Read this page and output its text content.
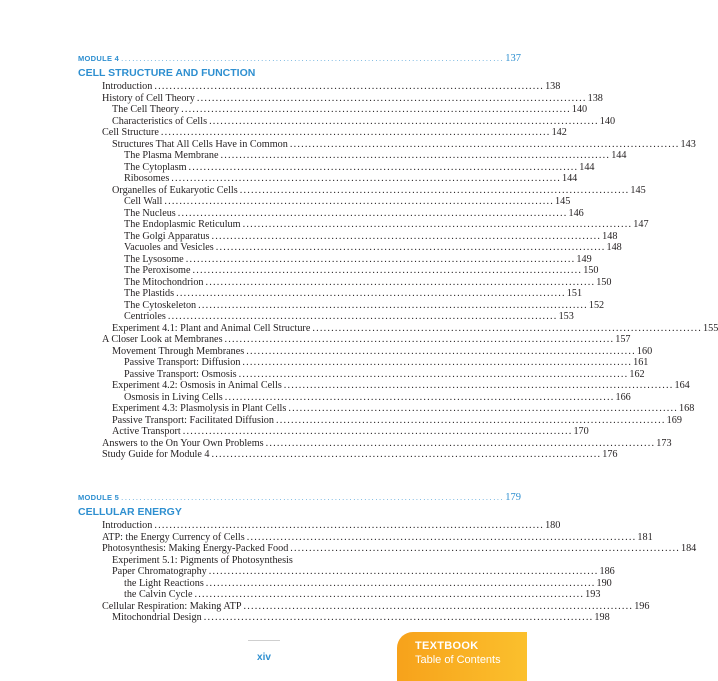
MODULE 4 ........................................................................................................ 137
CELL STRUCTURE AND FUNCTION
Introduction ........................................................................................................ 138
History of Cell Theory ........................................................................................................ 138
The Cell Theory ........................................................................................................ 140
Characteristics of Cells ........................................................................................................ 140
Cell Structure ........................................................................................................ 142
Structures That All Cells Have in Common ........................................................................................................ 143
The Plasma Membrane ........................................................................................................ 144
The Cytoplasm ........................................................................................................ 144
Ribosomes ........................................................................................................ 144
Organelles of Eukaryotic Cells ........................................................................................................ 145
Cell Wall ........................................................................................................ 145
The Nucleus ........................................................................................................ 146
The Endoplasmic Reticulum ........................................................................................................ 147
The Golgi Apparatus ........................................................................................................ 148
Vacuoles and Vesicles ........................................................................................................ 148
The Lysosome ........................................................................................................ 149
The Peroxisome ........................................................................................................ 150
The Mitochondrion ........................................................................................................ 150
The Plastids ........................................................................................................ 151
The Cytoskeleton ........................................................................................................ 152
Centrioles ........................................................................................................ 153
Experiment 4.1: Plant and Animal Cell Structure ........................................................................................................ 155
A Closer Look at Membranes ........................................................................................................ 157
Movement Through Membranes ........................................................................................................ 160
Passive Transport: Diffusion ........................................................................................................ 161
Passive Transport: Osmosis ........................................................................................................ 162
Experiment 4.2: Osmosis in Animal Cells ........................................................................................................ 164
Osmosis in Living Cells ........................................................................................................ 166
Experiment 4.3: Plasmolysis in Plant Cells ........................................................................................................ 168
Passive Transport: Facilitated Diffusion ........................................................................................................ 169
Active Transport ........................................................................................................ 170
Answers to the On Your Own Problems ........................................................................................................ 173
Study Guide for Module 4 ........................................................................................................ 176
MODULE 5 ........................................................................................................ 179
CELLULAR ENERGY
Introduction ........................................................................................................ 180
ATP: the Energy Currency of Cells ........................................................................................................ 181
Photosynthesis: Making Energy-Packed Food ........................................................................................................ 184
Experiment 5.1: Pigments of Photosynthesis
Paper Chromatography ........................................................................................................ 186
the Light Reactions ........................................................................................................ 190
the Calvin Cycle ........................................................................................................ 193
Cellular Respiration: Making ATP ........................................................................................................ 196
Mitochondrial Design ........................................................................................................ 198
xiv
TEXTBOOK
Table of Contents
